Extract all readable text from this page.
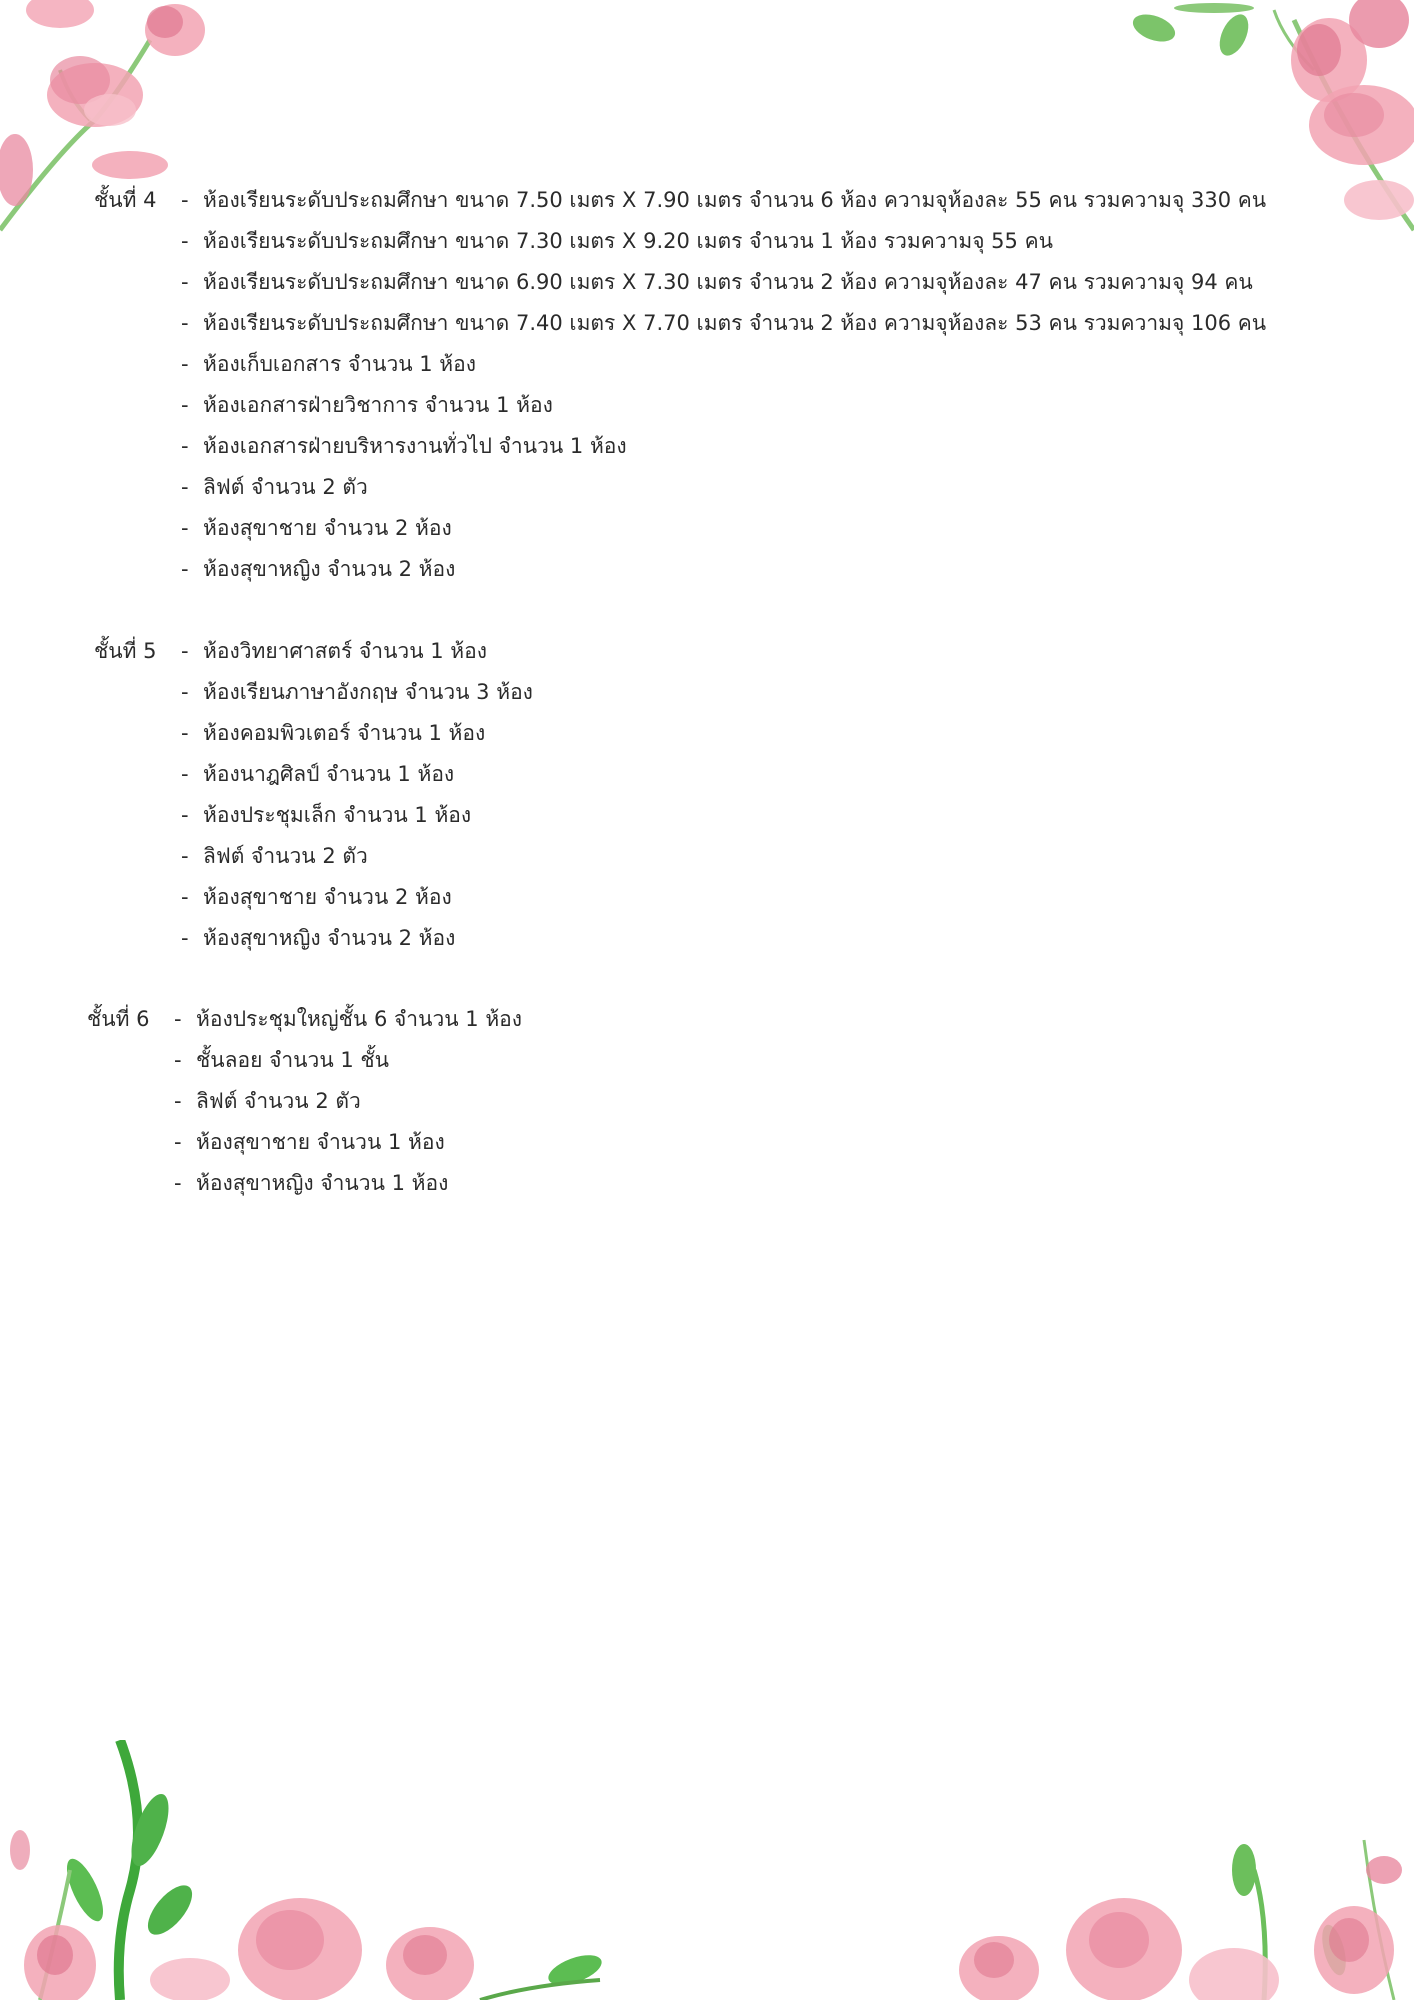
ชั้นที่ 4 - ห้องเรียนระดับประถมศึกษา ขนาด 7.50 เมตร X 7.90 เมตร จำนวน 6 ห้อง ความจุห้องละ 55 คน รวมความจุ 330 คน
- ห้องเรียนระดับประถมศึกษา ขนาด 7.30 เมตร X 9.20 เมตร จำนวน 1 ห้อง รวมความจุ 55 คน
- ห้องเรียนระดับประถมศึกษา ขนาด 6.90 เมตร X 7.30 เมตร จำนวน 2 ห้อง ความจุห้องละ 47 คน รวมความจุ 94 คน
- ห้องเรียนระดับประถมศึกษา ขนาด 7.40 เมตร X 7.70 เมตร จำนวน 2 ห้อง ความจุห้องละ 53 คน รวมความจุ 106 คน
- ห้องเก็บเอกสาร จำนวน 1 ห้อง
- ห้องเอกสารฝ่ายวิชาการ จำนวน 1 ห้อง
- ห้องเอกสารฝ่ายบริหารงานทั่วไป จำนวน 1 ห้อง
- ลิฟต์ จำนวน 2 ตัว
- ห้องสุขาชาย จำนวน 2 ห้อง
- ห้องสุขาหญิง จำนวน 2 ห้อง
ชั้นที่ 5 - ห้องวิทยาศาสตร์ จำนวน 1 ห้อง
- ห้องเรียนภาษาอังกฤษ จำนวน 3 ห้อง
- ห้องคอมพิวเตอร์ จำนวน 1 ห้อง
- ห้องนาฎศิลป์ จำนวน 1 ห้อง
- ห้องประชุมเล็ก จำนวน 1 ห้อง
- ลิฟต์ จำนวน 2 ตัว
- ห้องสุขาชาย จำนวน 2 ห้อง
- ห้องสุขาหญิง จำนวน 2 ห้อง
ชั้นที่ 6 - ห้องประชุมใหญ่ชั้น 6 จำนวน 1 ห้อง
- ชั้นลอย จำนวน 1 ชั้น
- ลิฟต์ จำนวน 2 ตัว
- ห้องสุขาชาย จำนวน 1 ห้อง
- ห้องสุขาหญิง จำนวน 1 ห้อง
